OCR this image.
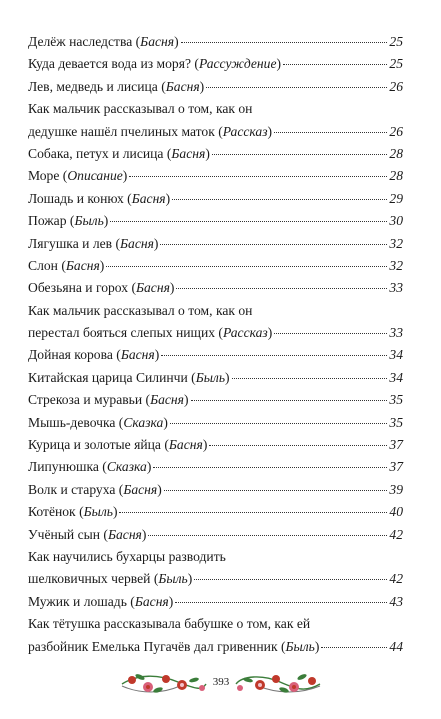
Делёж наследства (Басня)	25
Куда девается вода из моря? (Рассуждение)	25
Лев, медведь и лисица (Басня)	26
Как мальчик рассказывал о том, как он
дедушке нашёл пчелиных маток (Рассказ)	26
Собака, петух и лисица (Басня)	28
Море (Описание)	28
Лошадь и конюх (Басня)	29
Пожар (Быль)	30
Лягушка и лев (Басня)	32
Слон (Басня)	32
Обезьяна и горох (Басня)	33
Как мальчик рассказывал о том, как он
перестал бояться слепых нищих (Рассказ)	33
Дойная корова (Басня)	34
Китайская царица Силинчи (Быль)	34
Стрекоза и муравьи (Басня)	35
Мышь-девочка (Сказка)	35
Курица и золотые яйца (Басня)	37
Липунюшка (Сказка)	37
Волк и старуха (Басня)	39
Котёнок (Быль)	40
Учёный сын (Басня)	42
Как научились бухарцы разводить
шелковичных червей (Быль)	42
Мужик и лошадь (Басня)	43
Как тётушка рассказывала бабушке о том, как ей
разбойник Емелька Пугачёв дал гривенник (Быль)	44
393
